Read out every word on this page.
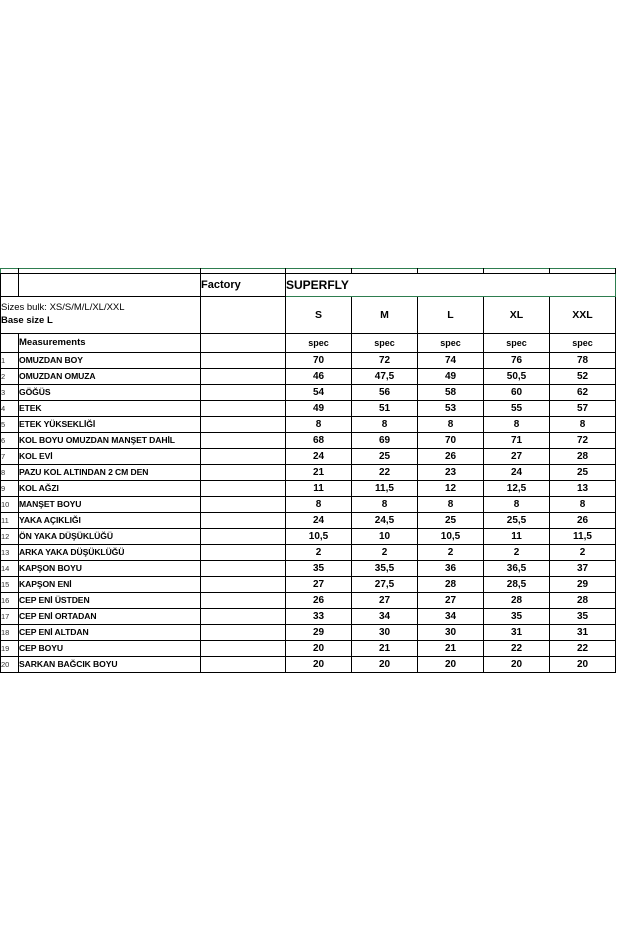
		Factory	SUPERFLY				

Sizes bulk: XS/S/M/L/XL/XXL
Base size L			S	M	L	XL	XXL
	Measurements		spec	spec	spec	spec	spec
1	OMUZDAN BOY		70	72	74	76	78
2	OMUZDAN OMUZA		46	47,5	49	50,5	52
3	GÖĞÜS		54	56	58	60	62
4	ETEK		49	51	53	55	57
5	ETEK YÜKSEKLİĞİ		8	8	8	8	8
6	KOL BOYU OMUZDAN MANŞET DAHİL		68	69	70	71	72
7	KOL EVİ		24	25	26	27	28
8	PAZU KOL ALTINDAN 2 CM DEN		21	22	23	24	25
9	KOL AĞZI		11	11,5	12	12,5	13
10	MANŞET BOYU		8	8	8	8	8
11	YAKA AÇIKLIĞI		24	24,5	25	25,5	26
12	ÖN YAKA DÜŞÜKLÜĞÜ		10,5	10	10,5	11	11,5
13	ARKA YAKA DÜŞÜKLÜĞÜ		2	2	2	2	2
14	KAPŞON BOYU		35	35,5	36	36,5	37
15	KAPŞON ENİ		27	27,5	28	28,5	29
16	CEP ENİ ÜSTDEN		26	27	27	28	28
17	CEP ENİ ORTADAN		33	34	34	35	35
18	CEP ENİ ALTDAN		29	30	30	31	31
19	CEP BOYU		20	21	21	22	22
20	SARKAN BAĞCIK BOYU		20	20	20	20	20
